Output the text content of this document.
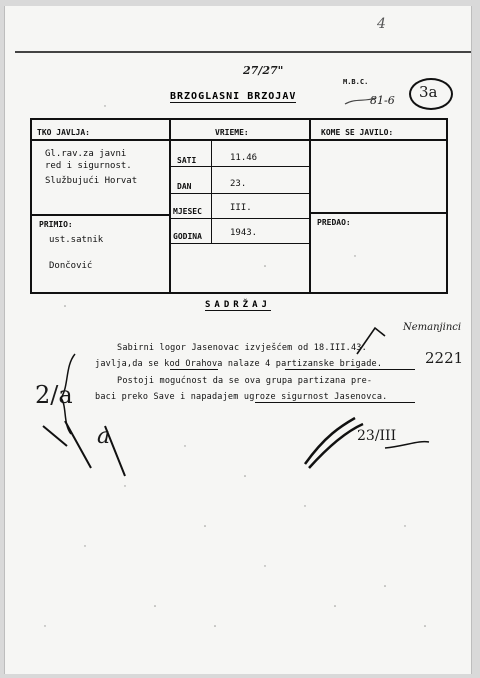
4
27/27"
M.B.C.
81-6 3a
BRZOGLASNI BRZOJAV
TKO JAVLJA:	VRIEME:	KOME SE JAVILO:
Gl.rav.za javni
red i sigurnost.
Službujući Horvat
SATI	11.46
DAN	23.
MJESEC	III.
GODINA	1943.
PRIMIO:
ust.satnik
Dončović
PREDAO:
SADRŽAJ
Nemanjinci
Sabirni logor Jasenovac izvješćem od 18.III.43.
javlja,da se kod Orahova nalaze 4 partizanske brigade.	2221
Postoji mogućnost da se ova grupa partizana pre-
baci preko Save i napadajem ugroze sigurnost Jasenovca.
2/a
a	23/III
